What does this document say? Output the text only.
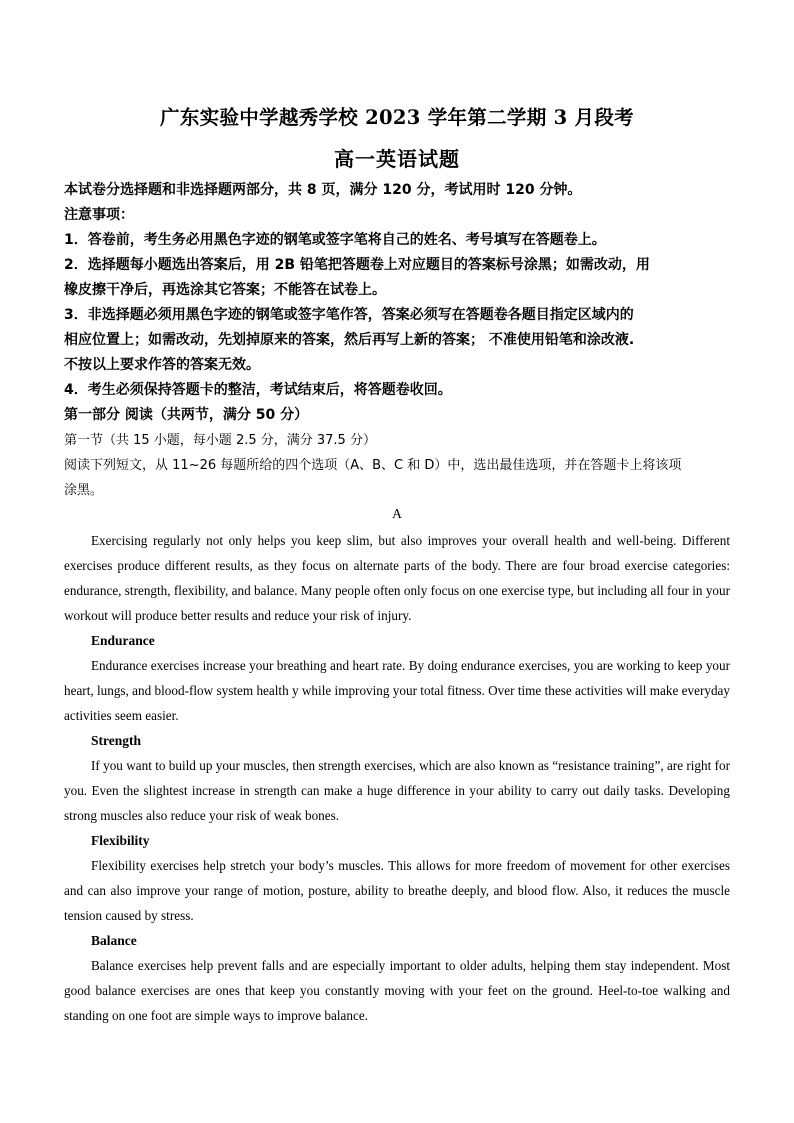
广东实验中学越秀学校 2023 学年第二学期 3 月段考
高一英语试题
本试卷分选择题和非选择题两部分，共 8 页，满分 120 分，考试用时 120 分钟。
注意事项：
1．答卷前，考生务必用黑色字迹的钢笔或签字笔将自己的姓名、考号填写在答题卷上。
2．选择题每小题选出答案后，用 2B 铅笔把答题卷上对应题目的答案标号涂黑；如需改动，用
橡皮擦干净后，再选涂其它答案；不能答在试卷上。
3．非选择题必须用黑色字迹的钢笔或签字笔作答，答案必须写在答题卷各题目指定区域内的
相应位置上；如需改动，先划掉原来的答案，然后再写上新的答案； 不准使用铅笔和涂改液.
不按以上要求作答的答案无效。
4．考生必须保持答题卡的整洁，考试结束后，将答题卷收回。
第一部分 阅读（共两节，满分 50 分）
第一节（共 15 小题，每小题 2.5 分，满分 37.5 分）
阅读下列短文，从 11~26 每题所给的四个选项（A、B、C 和 D）中，选出最佳选项，并在答题卡上将该项
涂黑。
A

Exercising regularly not only helps you keep slim, but also improves your overall health and well-being. Different exercises produce different results, as they focus on alternate parts of the body. There are four broad exercise categories: endurance, strength, flexibility, and balance. Many people often only focus on one exercise type, but including all four in your workout will produce better results and reduce your risk of injury.

Endurance

Endurance exercises increase your breathing and heart rate. By doing endurance exercises, you are working to keep your heart, lungs, and blood-flow system health y while improving your total fitness. Over time these activities will make everyday activities seem easier.

Strength

If you want to build up your muscles, then strength exercises, which are also known as “resistance training”, are right for you. Even the slightest increase in strength can make a huge difference in your ability to carry out daily tasks. Developing strong muscles also reduce your risk of weak bones.

Flexibility

Flexibility exercises help stretch your body’s muscles. This allows for more freedom of movement for other exercises and can also improve your range of motion, posture, ability to breathe deeply, and blood flow. Also, it reduces the muscle tension caused by stress.

Balance

Balance exercises help prevent falls and are especially important to older adults, helping them stay independent. Most good balance exercises are ones that keep you constantly moving with your feet on the ground. Heel-to-toe walking and standing on one foot are simple ways to improve balance.
